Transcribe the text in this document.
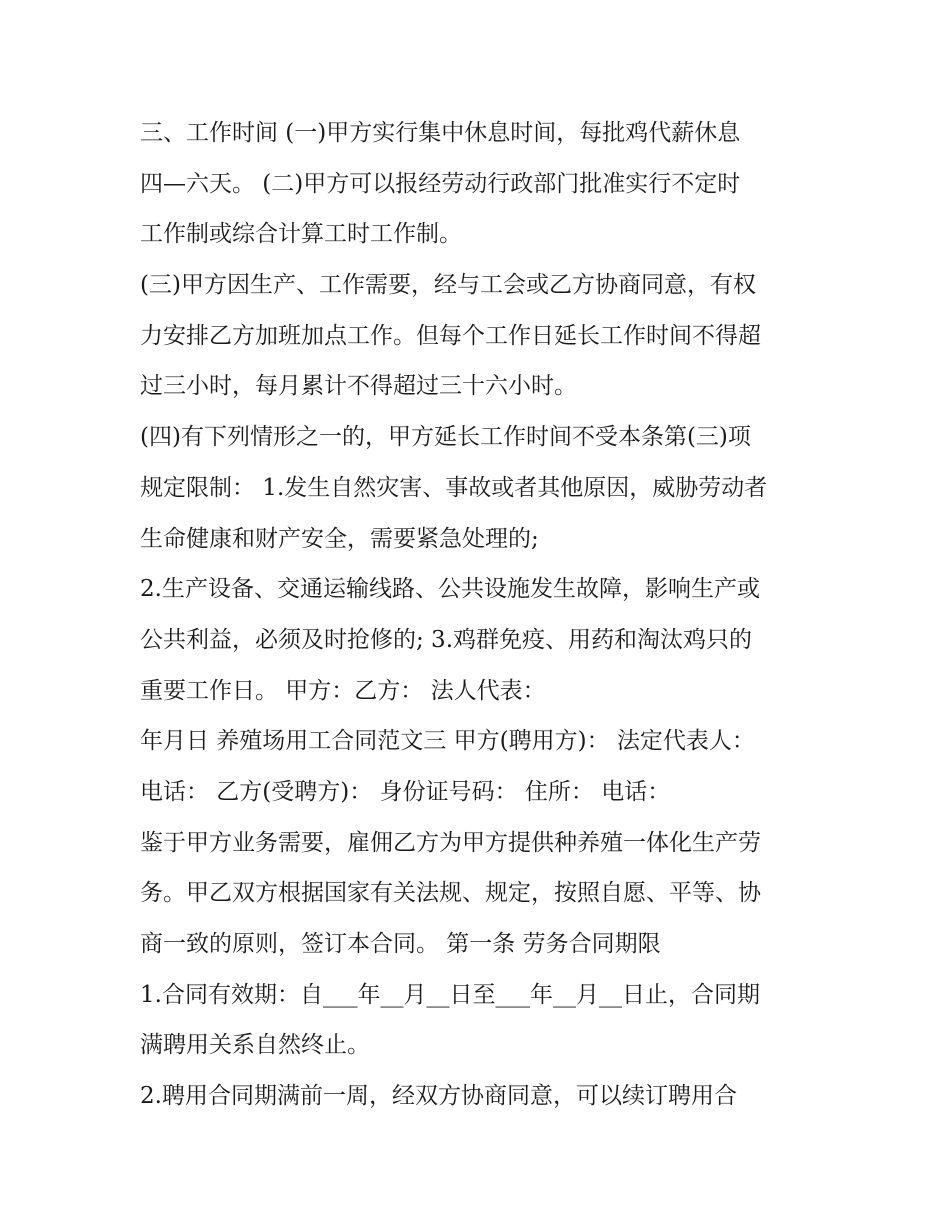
三、工作时间 (一)甲方实行集中休息时间，每批鸡代薪休息
四—六天。 (二)甲方可以报经劳动行政部门批准实行不定时
工作制或综合计算工时工作制。
(三)甲方因生产、工作需要，经与工会或乙方协商同意，有权
力安排乙方加班加点工作。但每个工作日延长工作时间不得超
过三小时，每月累计不得超过三十六小时。
(四)有下列情形之一的，甲方延长工作时间不受本条第(三)项
规定限制： 1.发生自然灾害、事故或者其他原因，威胁劳动者
生命健康和财产安全，需要紧急处理的;
2.生产设备、交通运输线路、公共设施发生故障，影响生产或
公共利益，必须及时抢修的; 3.鸡群免疫、用药和淘汰鸡只的
重要工作日。 甲方：乙方： 法人代表：
年月日 养殖场用工合同范文三 甲方(聘用方)： 法定代表人：
电话： 乙方(受聘方)： 身份证号码： 住所： 电话：
鉴于甲方业务需要，雇佣乙方为甲方提供种养殖一体化生产劳
务。甲乙双方根据国家有关法规、规定，按照自愿、平等、协
商一致的原则，签订本合同。 第一条 劳务合同期限
1.合同有效期：自___年__月__日至___年__月__日止，合同期
满聘用关系自然终止。
2.聘用合同期满前一周，经双方协商同意，可以续订聘用合
